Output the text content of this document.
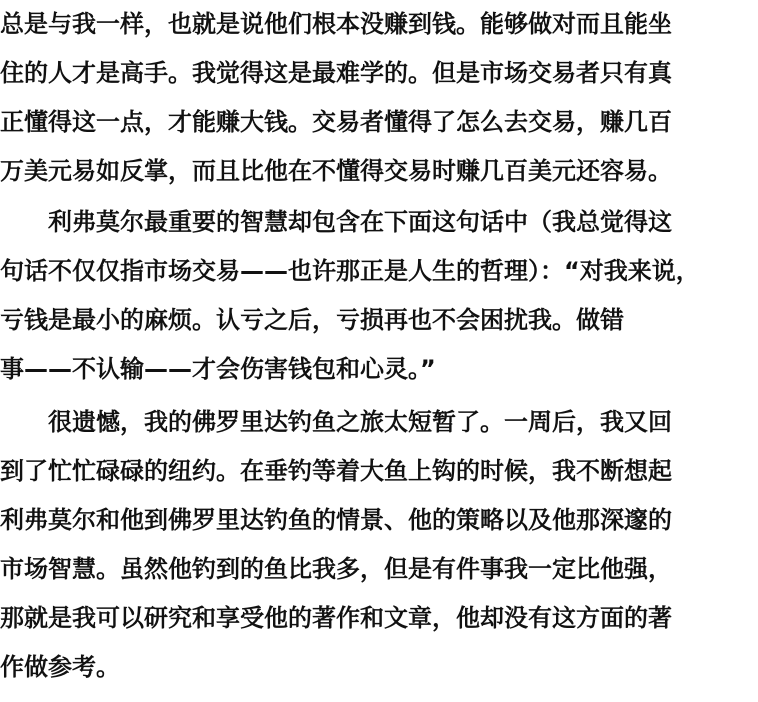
总是与我一样，也就是说他们根本没赚到钱。能够做对而且能坐
住的人才是高手。我觉得这是最难学的。但是市场交易者只有真
正懂得这一点，才能赚大钱。交易者懂得了怎么去交易，赚几百
万美元易如反掌，而且比他在不懂得交易时赚几百美元还容易。
　　利弗莫尔最重要的智慧却包含在下面这句话中（我总觉得这
句话不仅仅指市场交易——也许那正是人生的哲理）：“对我来说，
亏钱是最小的麻烦。认亏之后，亏损再也不会困扰我。做错
事——不认输——才会伤害钱包和心灵。”
　　很遗憾，我的佛罗里达钓鱼之旅太短暂了。一周后，我又回
到了忙忙碌碌的纽约。在垂钓等着大鱼上钩的时候，我不断想起
利弗莫尔和他到佛罗里达钓鱼的情景、他的策略以及他那深邃的
市场智慧。虽然他钓到的鱼比我多，但是有件事我一定比他强，
那就是我可以研究和享受他的著作和文章，他却没有这方面的著
作做参考。
